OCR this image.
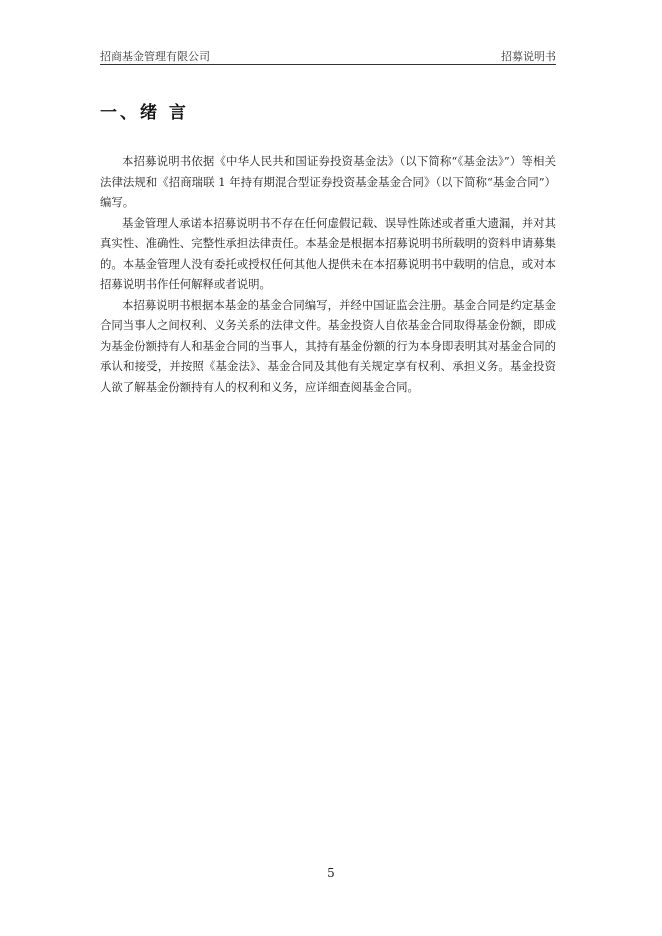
招商基金管理有限公司	招募说明书
一、绪 言

本招募说明书依据《中华人民共和国证券投资基金法》（以下简称“《基金法》”）等相关法律法规和《招商瑞联 1 年持有期混合型证券投资基金基金合同》（以下简称“基金合同”）编写。

基金管理人承诺本招募说明书不存在任何虚假记载、误导性陈述或者重大遗漏，并对其真实性、准确性、完整性承担法律责任。本基金是根据本招募说明书所载明的资料申请募集的。本基金管理人没有委托或授权任何其他人提供未在本招募说明书中载明的信息，或对本招募说明书作任何解释或者说明。

本招募说明书根据本基金的基金合同编写，并经中国证监会注册。基金合同是约定基金合同当事人之间权利、义务关系的法律文件。基金投资人自依基金合同取得基金份额，即成为基金份额持有人和基金合同的当事人，其持有基金份额的行为本身即表明其对基金合同的承认和接受，并按照《基金法》、基金合同及其他有关规定享有权利、承担义务。基金投资人欲了解基金份额持有人的权利和义务，应详细查阅基金合同。

5
